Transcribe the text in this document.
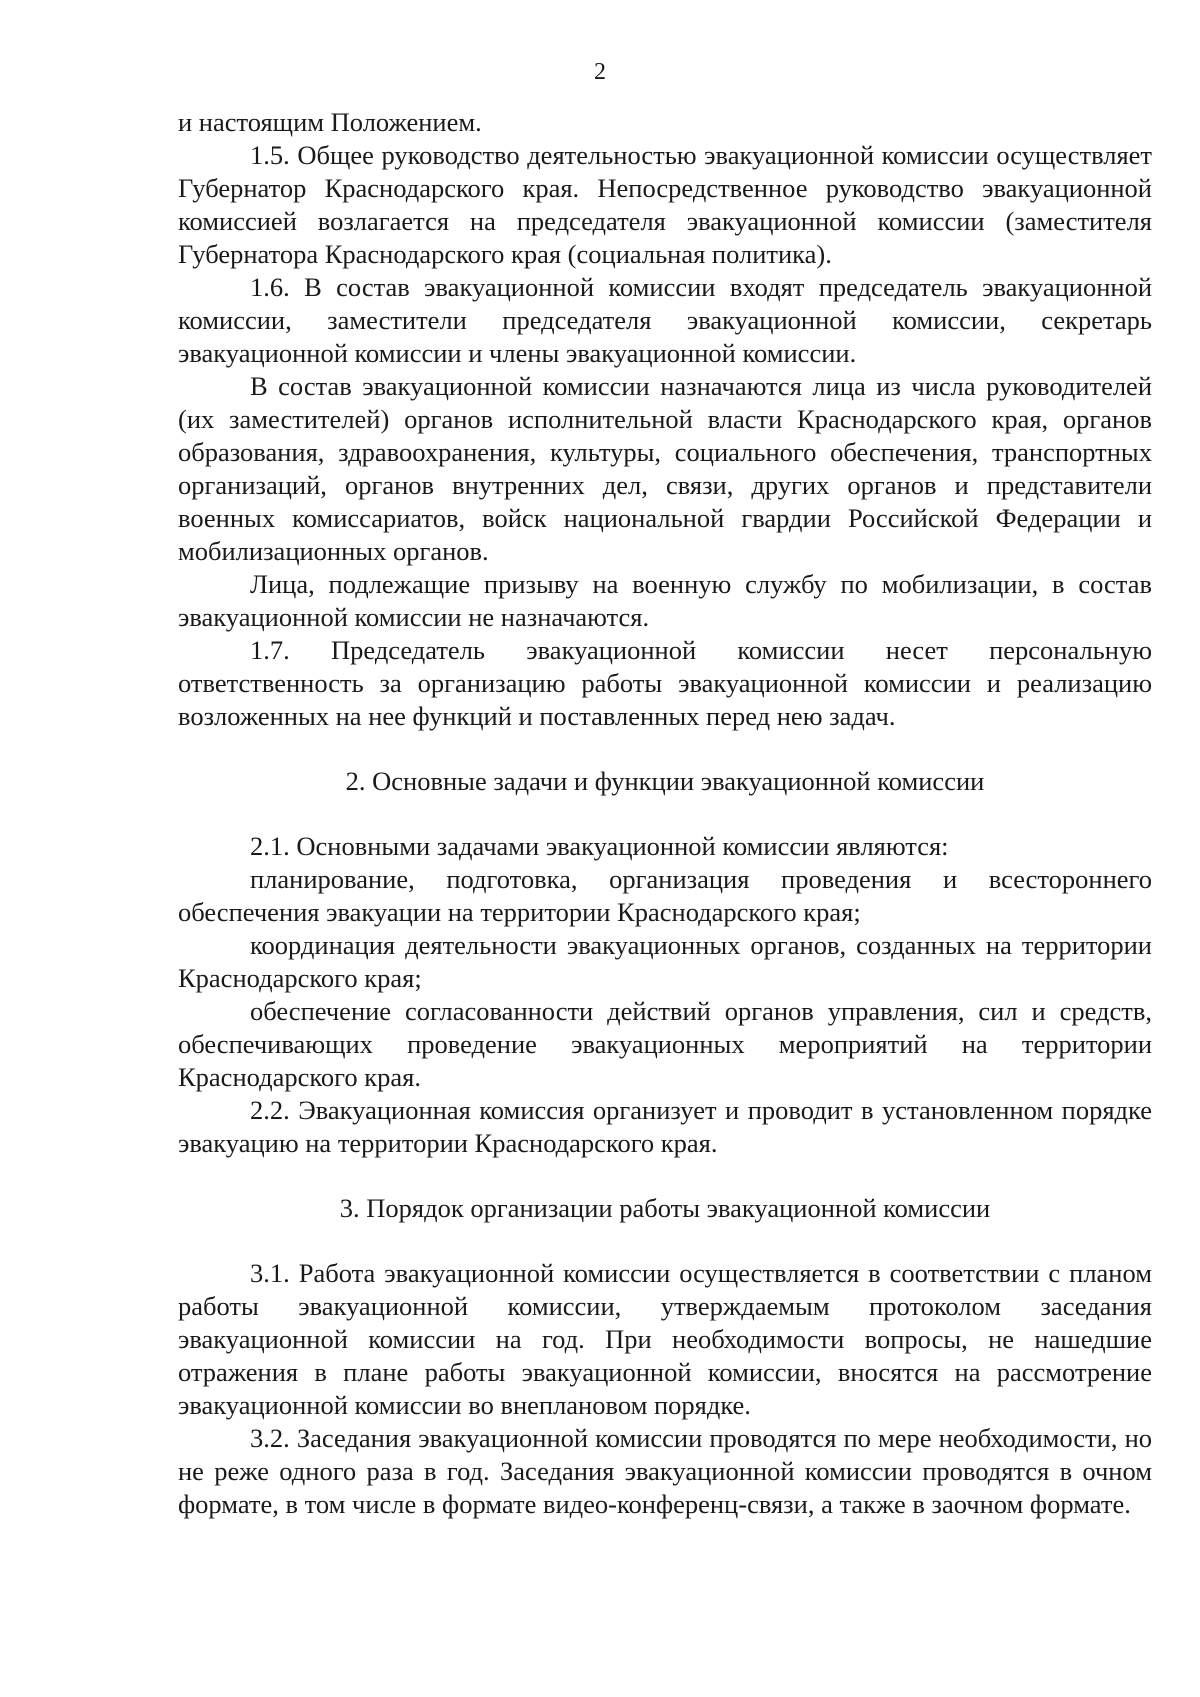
2

и настоящим Положением.

1.5. Общее руководство деятельностью эвакуационной комиссии осуществляет Губернатор Краснодарского края. Непосредственное руководство эвакуационной комиссией возлагается на председателя эвакуационной комиссии (заместителя Губернатора Краснодарского края (социальная политика).

1.6. В состав эвакуационной комиссии входят председатель эвакуационной комиссии, заместители председателя эвакуационной комиссии, секретарь эвакуационной комиссии и члены эвакуационной комиссии.

В состав эвакуационной комиссии назначаются лица из числа руководителей (их заместителей) органов исполнительной власти Краснодарского края, органов образования, здравоохранения, культуры, социального обеспечения, транспортных организаций, органов внутренних дел, связи, других органов и представители военных комиссариатов, войск национальной гвардии Российской Федерации и мобилизационных органов.

Лица, подлежащие призыву на военную службу по мобилизации, в состав эвакуационной комиссии не назначаются.

1.7. Председатель эвакуационной комиссии несет персональную ответственность за организацию работы эвакуационной комиссии и реализацию возложенных на нее функций и поставленных перед нею задач.

2. Основные задачи и функции эвакуационной комиссии

2.1. Основными задачами эвакуационной комиссии являются:

планирование, подготовка, организация проведения и всестороннего обеспечения эвакуации на территории Краснодарского края;

координация деятельности эвакуационных органов, созданных на территории Краснодарского края;

обеспечение согласованности действий органов управления, сил и средств, обеспечивающих проведение эвакуационных мероприятий на территории Краснодарского края.

2.2. Эвакуационная комиссия организует и проводит в установленном порядке эвакуацию на территории Краснодарского края.

3. Порядок организации работы эвакуационной комиссии

3.1. Работа эвакуационной комиссии осуществляется в соответствии с планом работы эвакуационной комиссии, утверждаемым протоколом заседания эвакуационной комиссии на год. При необходимости вопросы, не нашедшие отражения в плане работы эвакуационной комиссии, вносятся на рассмотрение эвакуационной комиссии во внеплановом порядке.

3.2. Заседания эвакуационной комиссии проводятся по мере необходимости, но не реже одного раза в год. Заседания эвакуационной комиссии проводятся в очном формате, в том числе в формате видео-конференц-связи, а также в заочном формате.
